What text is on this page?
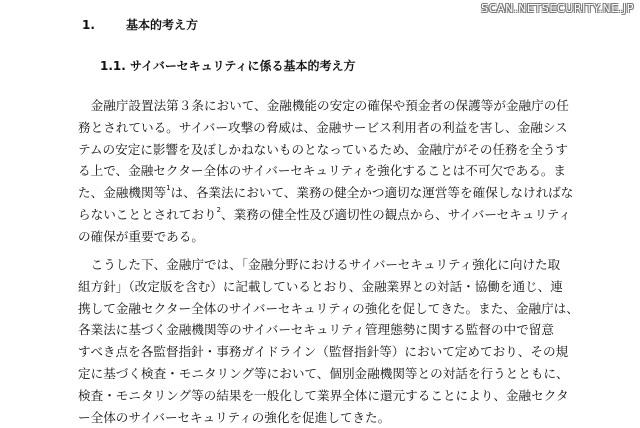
SCAN.NETSECURITY.NE.JP
1.	基本的考え方
1.1. サイバーセキュリティに係る基本的考え方
　金融庁設置法第３条において、金融機能の安定の確保や預金者の保護等が金融庁の任
務とされている。サイバー攻撃の脅威は、金融サービス利用者の利益を害し、金融シス
テムの安定に影響を及ぼしかねないものとなっているため、金融庁がその任務を全うす
る上で、金融セクター全体のサイバーセキュリティを強化することは不可欠である。ま
た、金融機関等$^1$は、各業法において、業務の健全かつ適切な運営等を確保しなければな
らないこととされており$^2$、業務の健全性及び適切性の観点から、サイバーセキュリティ
の確保が重要である。
　こうした下、金融庁では、「金融分野におけるサイバーセキュリティ強化に向けた取
組方針」（改定版を含む）に記載しているとおり、金融業界との対話・協働を通じ、連
携して金融セクター全体のサイバーセキュリティの強化を促してきた。また、金融庁は、
各業法に基づく金融機関等のサイバーセキュリティ管理態勢に関する監督の中で留意
すべき点を各監督指針・事務ガイドライン（監督指針等）において定めており、その規
定に基づく検査・モニタリング等において、個別金融機関等との対話を行うとともに、
検査・モニタリング等の結果を一般化して業界全体に還元することにより、金融セクタ
ー全体のサイバーセキュリティの強化を促進してきた。
